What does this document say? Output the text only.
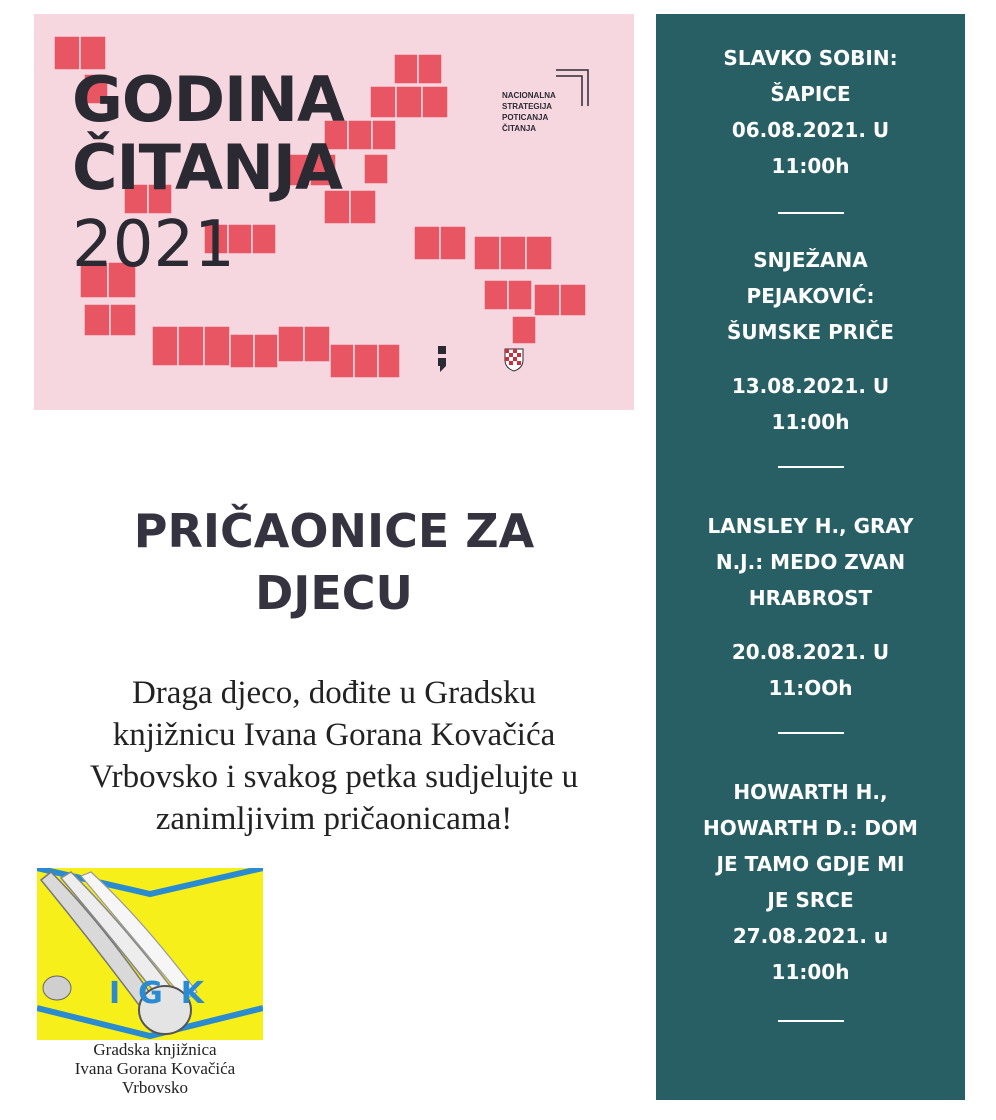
GODINA
ČITANJA
2021
NACIONALNA
STRATEGIJA
POTICANJA
ČITANJA
PRIČAONICE ZA
DJECU
Draga djeco, dođite u Gradsku
knjižnicu Ivana Gorana Kovačića
Vrbovsko i svakog petka sudjelujte u
zanimljivim pričaonicama!
IGK
Gradska knjižnica
Ivana Gorana Kovačića
Vrbovsko

SLAVKO SOBIN:

ŠAPICE

06.08.2021. U

11:00h

SNJEŽANA

PEJAKOVIĆ:

ŠUMSKE PRIČE

13.08.2021. U

11:00h

LANSLEY H., GRAY

N.J.: MEDO ZVAN

HRABROST

20.08.2021. U

11:OOh

HOWARTH H.,

HOWARTH D.: DOM

JE TAMO GDJE MI

JE SRCE

27.08.2021. u

11:00h
